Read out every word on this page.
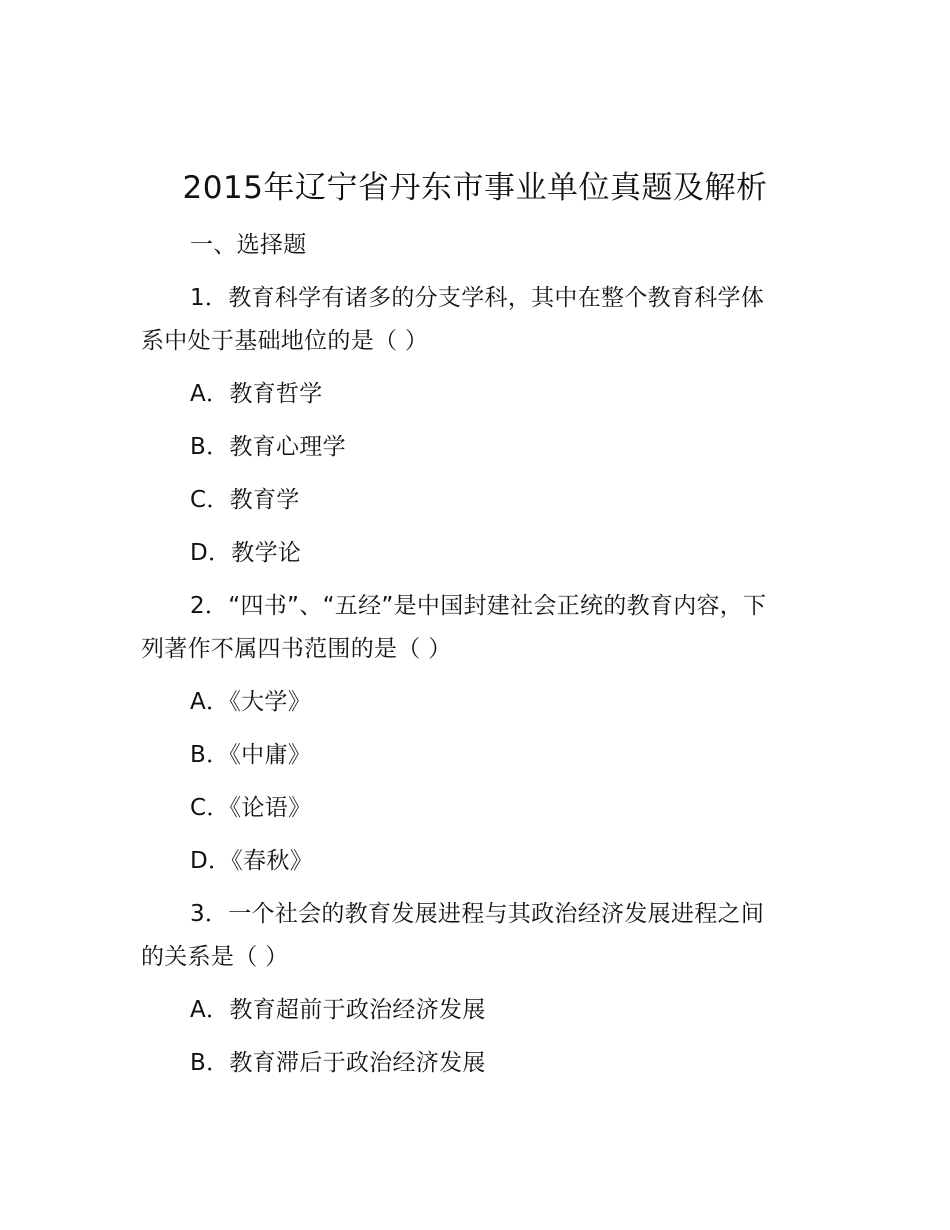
2015年辽宁省丹东市事业单位真题及解析

一、选择题

1．教育科学有诸多的分支学科，其中在整个教育科学体
系中处于基础地位的是（ ）

A．教育哲学

B．教育心理学

C．教育学

D．教学论

2．“四书”、“五经”是中国封建社会正统的教育内容，下
列著作不属四书范围的是（ ）

A．《大学》

B．《中庸》

C．《论语》

D．《春秋》

3．一个社会的教育发展进程与其政治经济发展进程之间
的关系是（ ）

A．教育超前于政治经济发展

B．教育滞后于政治经济发展
